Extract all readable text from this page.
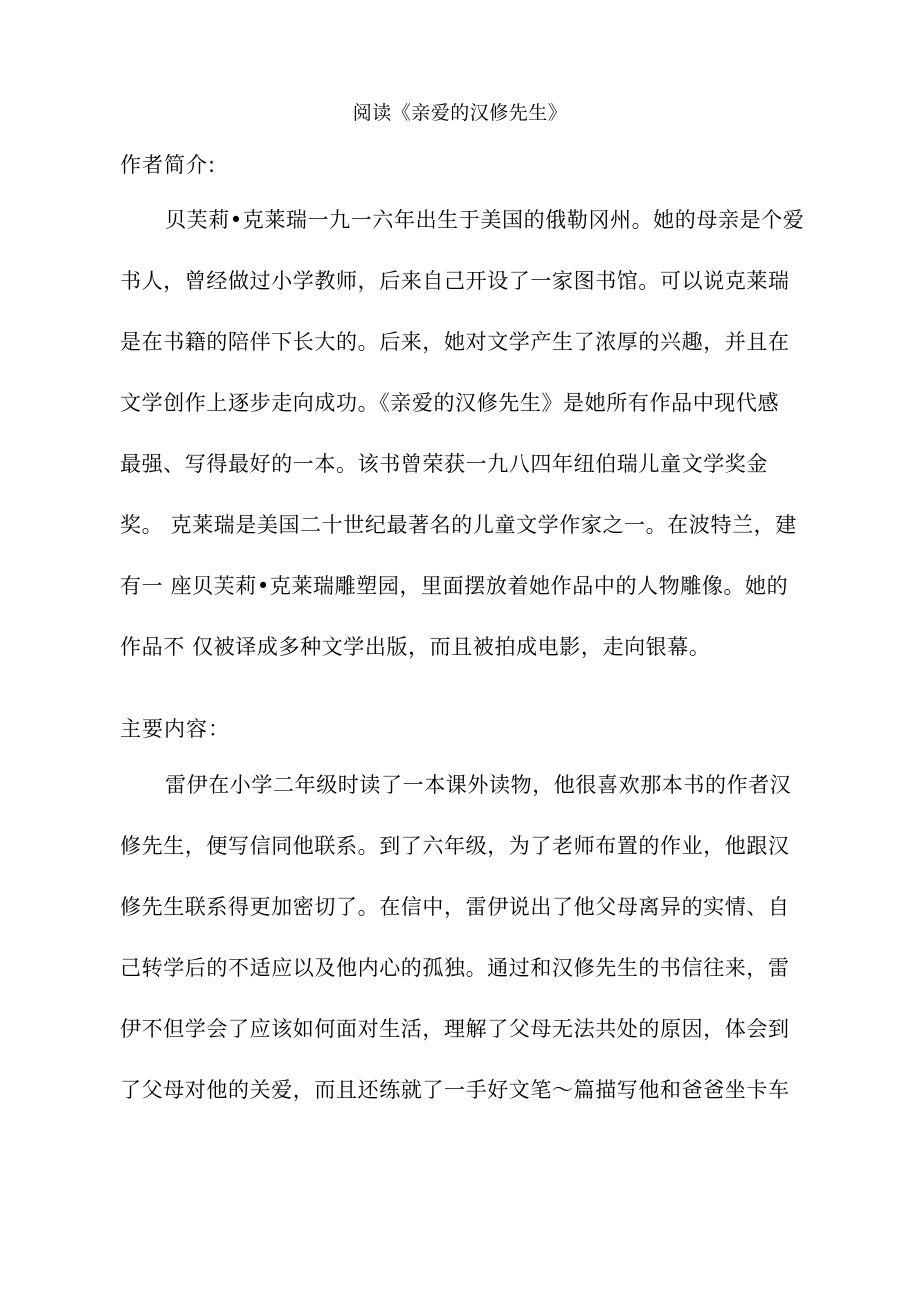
阅读《亲爱的汉修先生》
作者简介:
贝芙莉•克莱瑞一九一六年出生于美国的俄勒冈州。她的母亲是个爱
书人，曾经做过小学教师，后来自己开设了一家图书馆。可以说克莱瑞
是在书籍的陪伴下长大的。后来，她对文学产生了浓厚的兴趣，并且在
文学创作上逐步走向成功。《亲爱的汉修先生》是她所有作品中现代感
最强、写得最好的一本。该书曾荣获一九八四年纽伯瑞儿童文学奖金
奖。 克莱瑞是美国二十世纪最著名的儿童文学作家之一。在波特兰，建
有一 座贝芙莉•克莱瑞雕塑园，里面摆放着她作品中的人物雕像。她的
作品不 仅被译成多种文学出版，而且被拍成电影，走向银幕。
主要内容：
雷伊在小学二年级时读了一本课外读物，他很喜欢那本书的作者汉
修先生，便写信同他联系。到了六年级，为了老师布置的作业，他跟汉
修先生联系得更加密切了。在信中，雷伊说出了他父母离异的实情、自
己转学后的不适应以及他内心的孤独。通过和汉修先生的书信往来，雷
伊不但学会了应该如何面对生活，理解了父母无法共处的原因，体会到
了父母对他的关爱，而且还练就了一手好文笔〜篇描写他和爸爸坐卡车
